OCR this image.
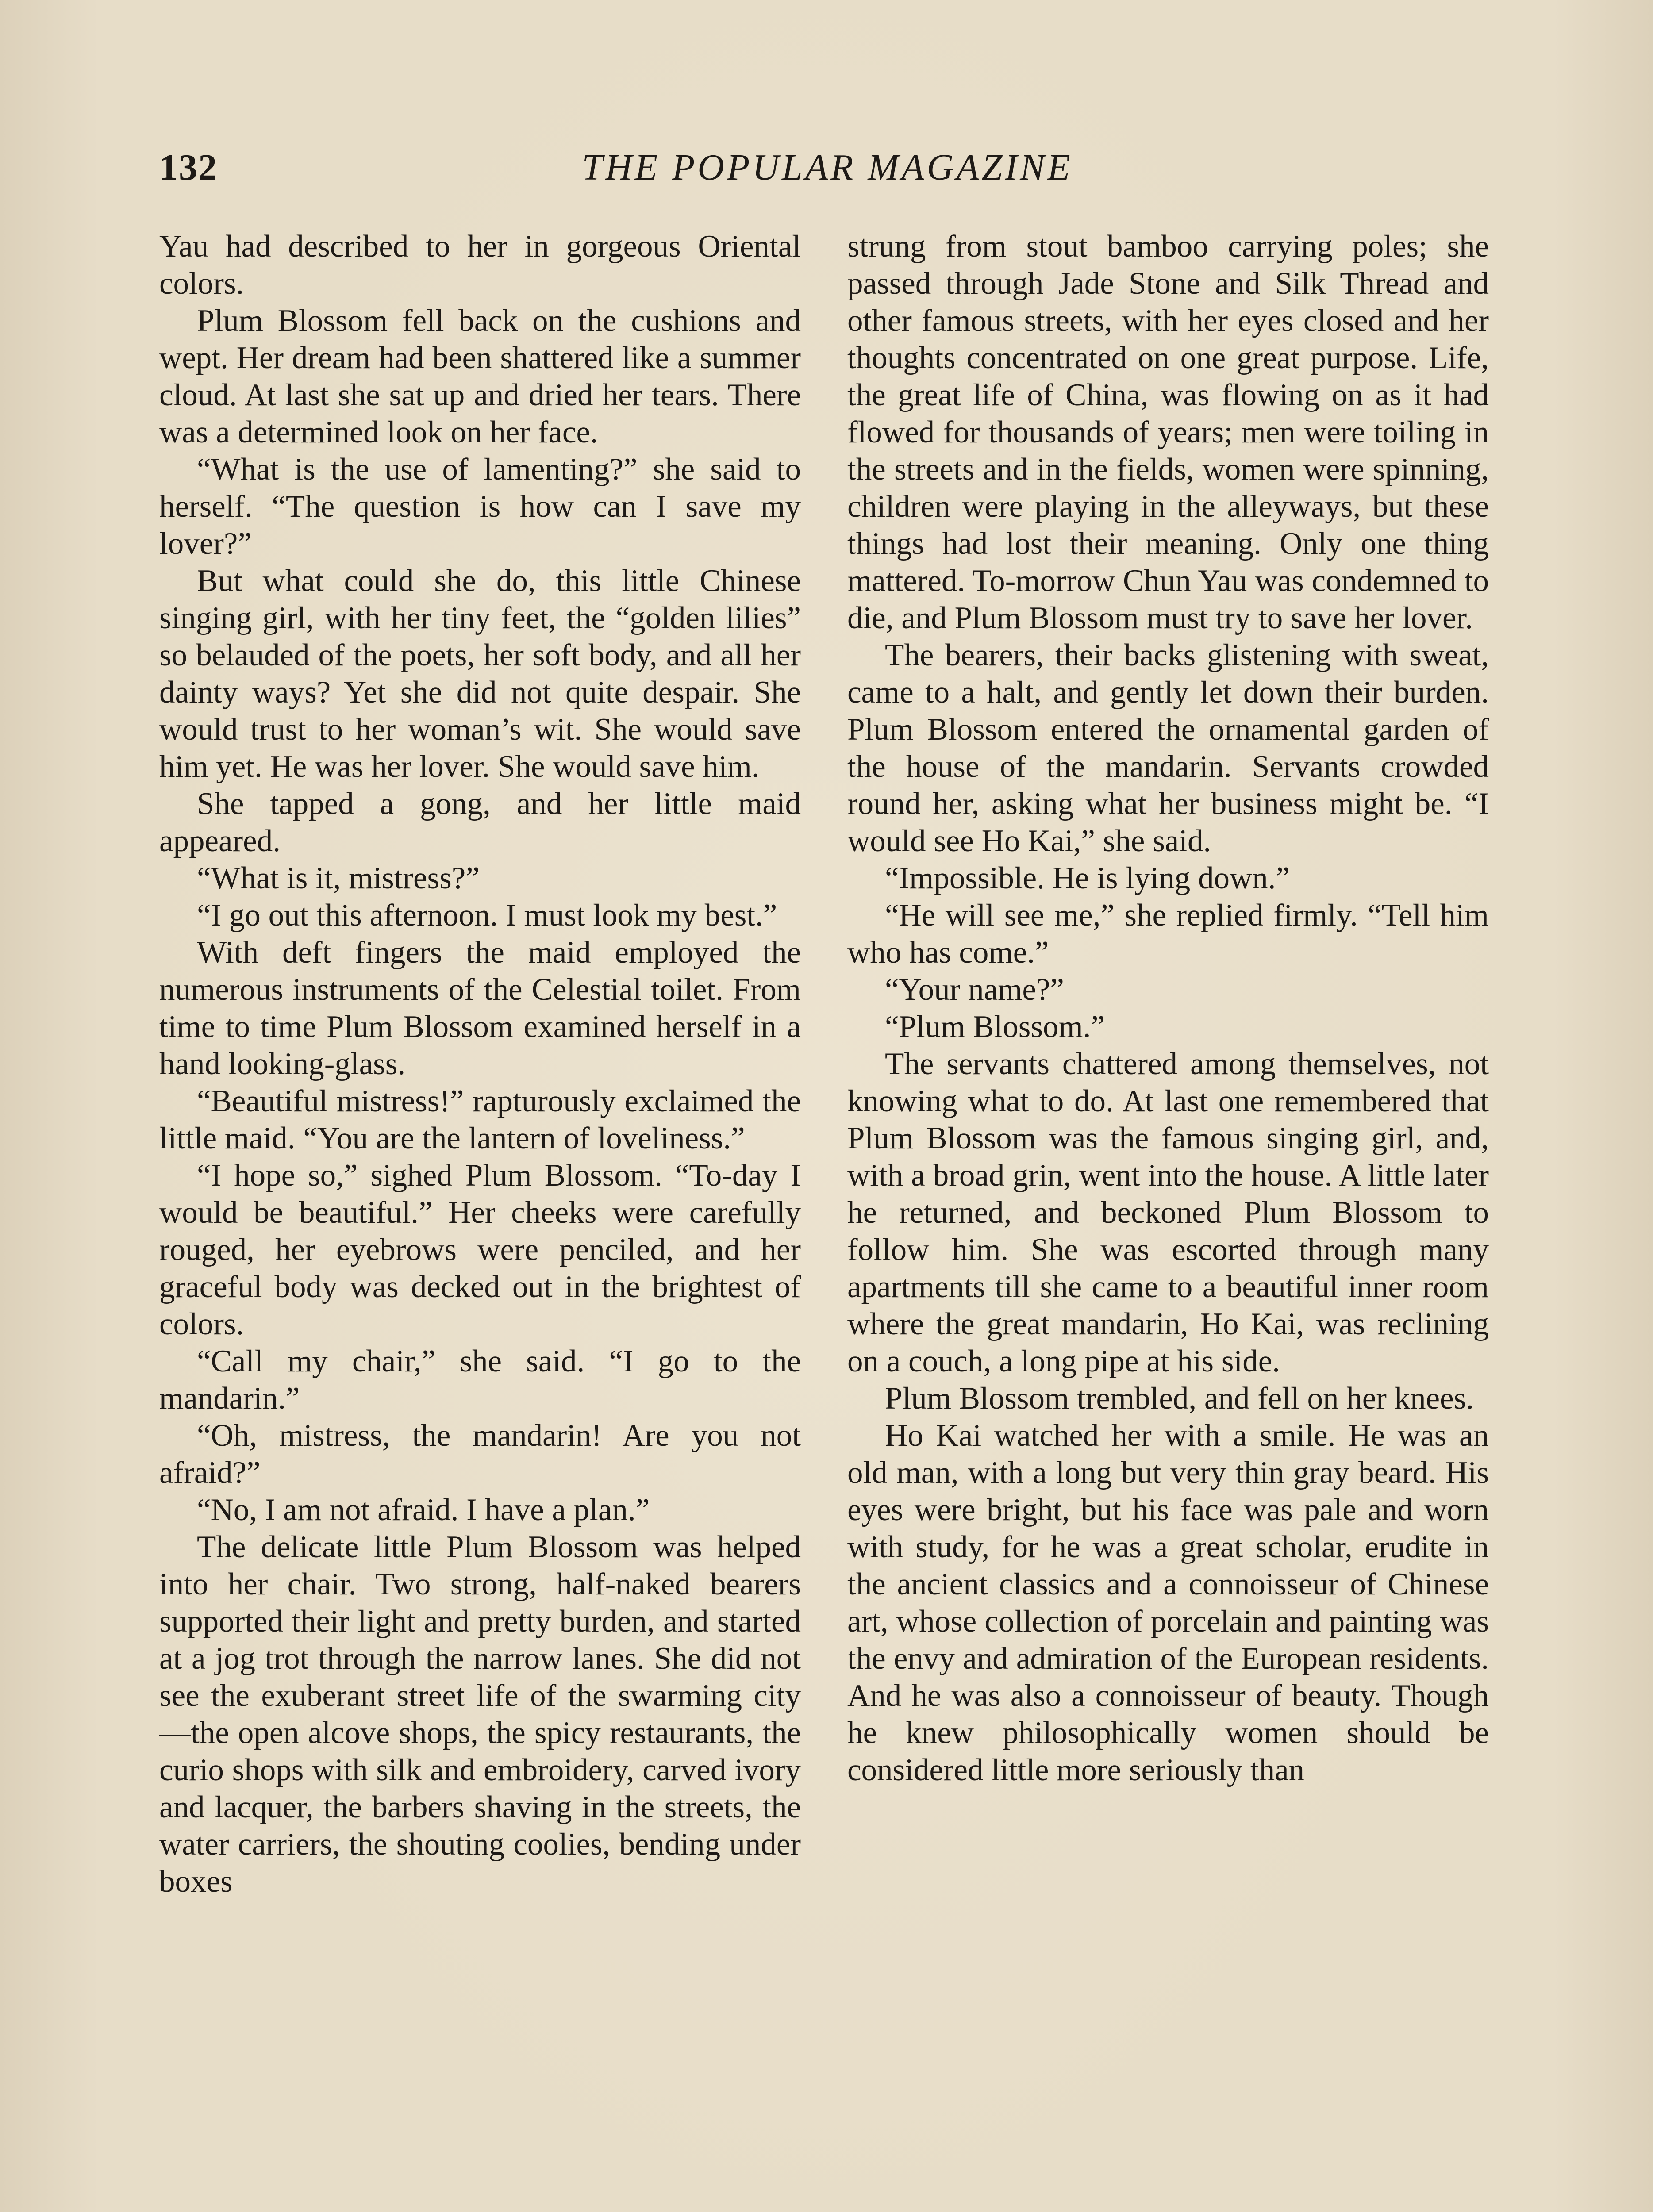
132	THE POPULAR MAGAZINE

Yau had described to her in gorgeous Oriental colors.

Plum Blossom fell back on the cushions and wept. Her dream had been shattered like a summer cloud. At last she sat up and dried her tears. There was a determined look on her face.

“What is the use of lamenting?” she said to herself. “The question is how can I save my lover?”

But what could she do, this little Chinese singing girl, with her tiny feet, the “golden lilies” so belauded of the poets, her soft body, and all her dainty ways? Yet she did not quite despair. She would trust to her woman’s wit. She would save him yet. He was her lover. She would save him.

She tapped a gong, and her little maid appeared.

“What is it, mistress?”

“I go out this afternoon. I must look my best.”

With deft fingers the maid employed the numerous instruments of the Celestial toilet. From time to time Plum Blossom examined herself in a hand looking-glass.

“Beautiful mistress!” rapturously exclaimed the little maid. “You are the lantern of loveliness.”

“I hope so,” sighed Plum Blossom. “To-day I would be beautiful.” Her cheeks were carefully rouged, her eyebrows were penciled, and her graceful body was decked out in the brightest of colors.

“Call my chair,” she said. “I go to the mandarin.”

“Oh, mistress, the mandarin! Are you not afraid?”

“No, I am not afraid. I have a plan.”

The delicate little Plum Blossom was helped into her chair. Two strong, half-naked bearers supported their light and pretty burden, and started at a jog trot through the narrow lanes. She did not see the exuberant street life of the swarming city—the open alcove shops, the spicy restaurants, the curio shops with silk and embroidery, carved ivory and lacquer, the barbers shaving in the streets, the water carriers, the shouting coolies, bending under boxes

strung from stout bamboo carrying poles; she passed through Jade Stone and Silk Thread and other famous streets, with her eyes closed and her thoughts concentrated on one great purpose. Life, the great life of China, was flowing on as it had flowed for thousands of years; men were toiling in the streets and in the fields, women were spinning, children were playing in the alleyways, but these things had lost their meaning. Only one thing mattered. To-morrow Chun Yau was condemned to die, and Plum Blossom must try to save her lover.

The bearers, their backs glistening with sweat, came to a halt, and gently let down their burden. Plum Blossom entered the ornamental garden of the house of the mandarin. Servants crowded round her, asking what her business might be. “I would see Ho Kai,” she said.

“Impossible. He is lying down.”

“He will see me,” she replied firmly. “Tell him who has come.”

“Your name?”

“Plum Blossom.”

The servants chattered among themselves, not knowing what to do. At last one remembered that Plum Blossom was the famous singing girl, and, with a broad grin, went into the house. A little later he returned, and beckoned Plum Blossom to follow him. She was escorted through many apartments till she came to a beautiful inner room where the great mandarin, Ho Kai, was reclining on a couch, a long pipe at his side.

Plum Blossom trembled, and fell on her knees.

Ho Kai watched her with a smile. He was an old man, with a long but very thin gray beard. His eyes were bright, but his face was pale and worn with study, for he was a great scholar, erudite in the ancient classics and a connoisseur of Chinese art, whose collection of porcelain and painting was the envy and admiration of the European residents. And he was also a connoisseur of beauty. Though he knew philosophically women should be considered little more seriously than
